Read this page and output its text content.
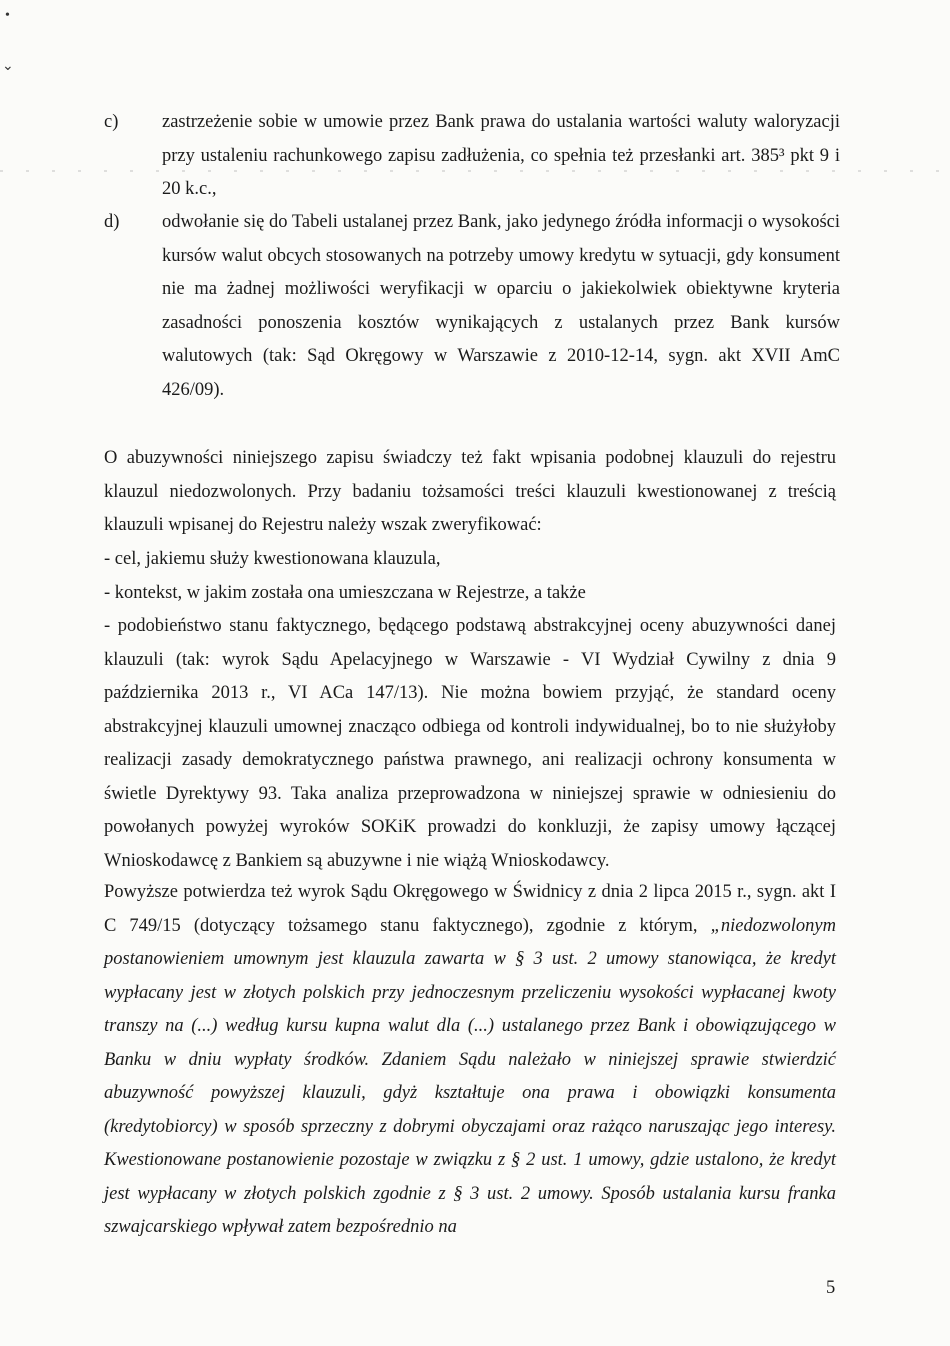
•
⌄
c)	zastrzeżenie sobie w umowie przez Bank prawa do ustalania wartości waluty waloryzacji przy ustaleniu rachunkowego zapisu zadłużenia, co spełnia też przesłanki art. 385³ pkt 9 i 20 k.c.,
d)	odwołanie się do Tabeli ustalanej przez Bank, jako jedynego źródła informacji o wysokości kursów walut obcych stosowanych na potrzeby umowy kredytu w sytuacji, gdy konsument nie ma żadnej możliwości weryfikacji w oparciu o jakiekolwiek obiektywne kryteria zasadności ponoszenia kosztów wynikających z ustalanych przez Bank kursów walutowych (tak: Sąd Okręgowy w Warszawie z 2010-12-14, sygn. akt XVII AmC 426/09).
O abuzywności niniejszego zapisu świadczy też fakt wpisania podobnej klauzuli do rejestru klauzul niedozwolonych. Przy badaniu tożsamości treści klauzuli kwestionowanej z treścią klauzuli wpisanej do Rejestru należy wszak zweryfikować:
- cel, jakiemu służy kwestionowana klauzula,
- kontekst, w jakim została ona umieszczana w Rejestrze, a także
- podobieństwo stanu faktycznego, będącego podstawą abstrakcyjnej oceny abuzywności danej klauzuli (tak: wyrok Sądu Apelacyjnego w Warszawie - VI Wydział Cywilny z dnia 9 października 2013 r., VI ACa 147/13). Nie można bowiem przyjąć, że standard oceny abstrakcyjnej klauzuli umownej znacząco odbiega od kontroli indywidualnej, bo to nie służyłoby realizacji zasady demokratycznego państwa prawnego, ani realizacji ochrony konsumenta w świetle Dyrektywy 93. Taka analiza przeprowadzona w niniejszej sprawie w odniesieniu do powołanych powyżej wyroków SOKiK prowadzi do konkluzji, że zapisy umowy łączącej Wnioskodawcę z Bankiem są abuzywne i nie wiążą Wnioskodawcy.
Powyższe potwierdza też wyrok Sądu Okręgowego w Świdnicy z dnia 2 lipca 2015 r., sygn. akt I C 749/15 (dotyczący tożsamego stanu faktycznego), zgodnie z którym, „niedozwolonym postanowieniem umownym jest klauzula zawarta w § 3 ust. 2 umowy stanowiąca, że kredyt wypłacany jest w złotych polskich przy jednoczesnym przeliczeniu wysokości wypłacanej kwoty transzy na (...) według kursu kupna walut dla (...) ustalanego przez Bank i obowiązującego w Banku w dniu wypłaty środków. Zdaniem Sądu należało w niniejszej sprawie stwierdzić abuzywność powyższej klauzuli, gdyż kształtuje ona prawa i obowiązki konsumenta (kredytobiorcy) w sposób sprzeczny z dobrymi obyczajami oraz rażąco naruszając jego interesy. Kwestionowane postanowienie pozostaje w związku z § 2 ust. 1 umowy, gdzie ustalono, że kredyt jest wypłacany w złotych polskich zgodnie z § 3 ust. 2 umowy. Sposób ustalania kursu franka szwajcarskiego wpływał zatem bezpośrednio na
5
